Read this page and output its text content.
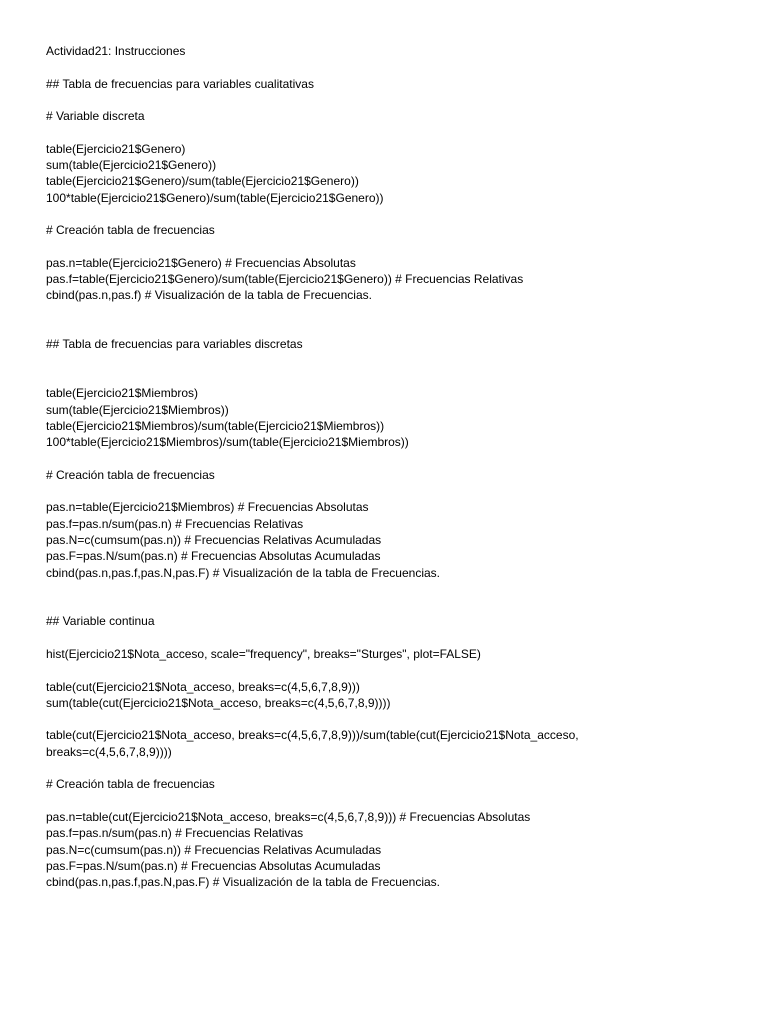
Actividad21: Instrucciones
## Tabla de frecuencias para variables cualitativas
# Variable discreta
table(Ejercicio21$Genero)
sum(table(Ejercicio21$Genero))
table(Ejercicio21$Genero)/sum(table(Ejercicio21$Genero))
100*table(Ejercicio21$Genero)/sum(table(Ejercicio21$Genero))
# Creación tabla de frecuencias
pas.n=table(Ejercicio21$Genero) # Frecuencias Absolutas
pas.f=table(Ejercicio21$Genero)/sum(table(Ejercicio21$Genero)) # Frecuencias Relativas
cbind(pas.n,pas.f) # Visualización de la tabla de Frecuencias.
## Tabla de frecuencias para variables discretas
table(Ejercicio21$Miembros)
sum(table(Ejercicio21$Miembros))
table(Ejercicio21$Miembros)/sum(table(Ejercicio21$Miembros))
100*table(Ejercicio21$Miembros)/sum(table(Ejercicio21$Miembros))
# Creación tabla de frecuencias
pas.n=table(Ejercicio21$Miembros) # Frecuencias Absolutas
pas.f=pas.n/sum(pas.n) # Frecuencias Relativas
pas.N=c(cumsum(pas.n)) # Frecuencias Relativas Acumuladas
pas.F=pas.N/sum(pas.n) # Frecuencias Absolutas Acumuladas
cbind(pas.n,pas.f,pas.N,pas.F) # Visualización de la tabla de Frecuencias.
## Variable continua
hist(Ejercicio21$Nota_acceso, scale="frequency", breaks="Sturges", plot=FALSE)
table(cut(Ejercicio21$Nota_acceso, breaks=c(4,5,6,7,8,9)))
sum(table(cut(Ejercicio21$Nota_acceso, breaks=c(4,5,6,7,8,9))))
table(cut(Ejercicio21$Nota_acceso, breaks=c(4,5,6,7,8,9)))/sum(table(cut(Ejercicio21$Nota_acceso,
breaks=c(4,5,6,7,8,9))))
# Creación tabla de frecuencias
pas.n=table(cut(Ejercicio21$Nota_acceso, breaks=c(4,5,6,7,8,9))) # Frecuencias Absolutas
pas.f=pas.n/sum(pas.n) # Frecuencias Relativas
pas.N=c(cumsum(pas.n)) # Frecuencias Relativas Acumuladas
pas.F=pas.N/sum(pas.n) # Frecuencias Absolutas Acumuladas
cbind(pas.n,pas.f,pas.N,pas.F) # Visualización de la tabla de Frecuencias.
